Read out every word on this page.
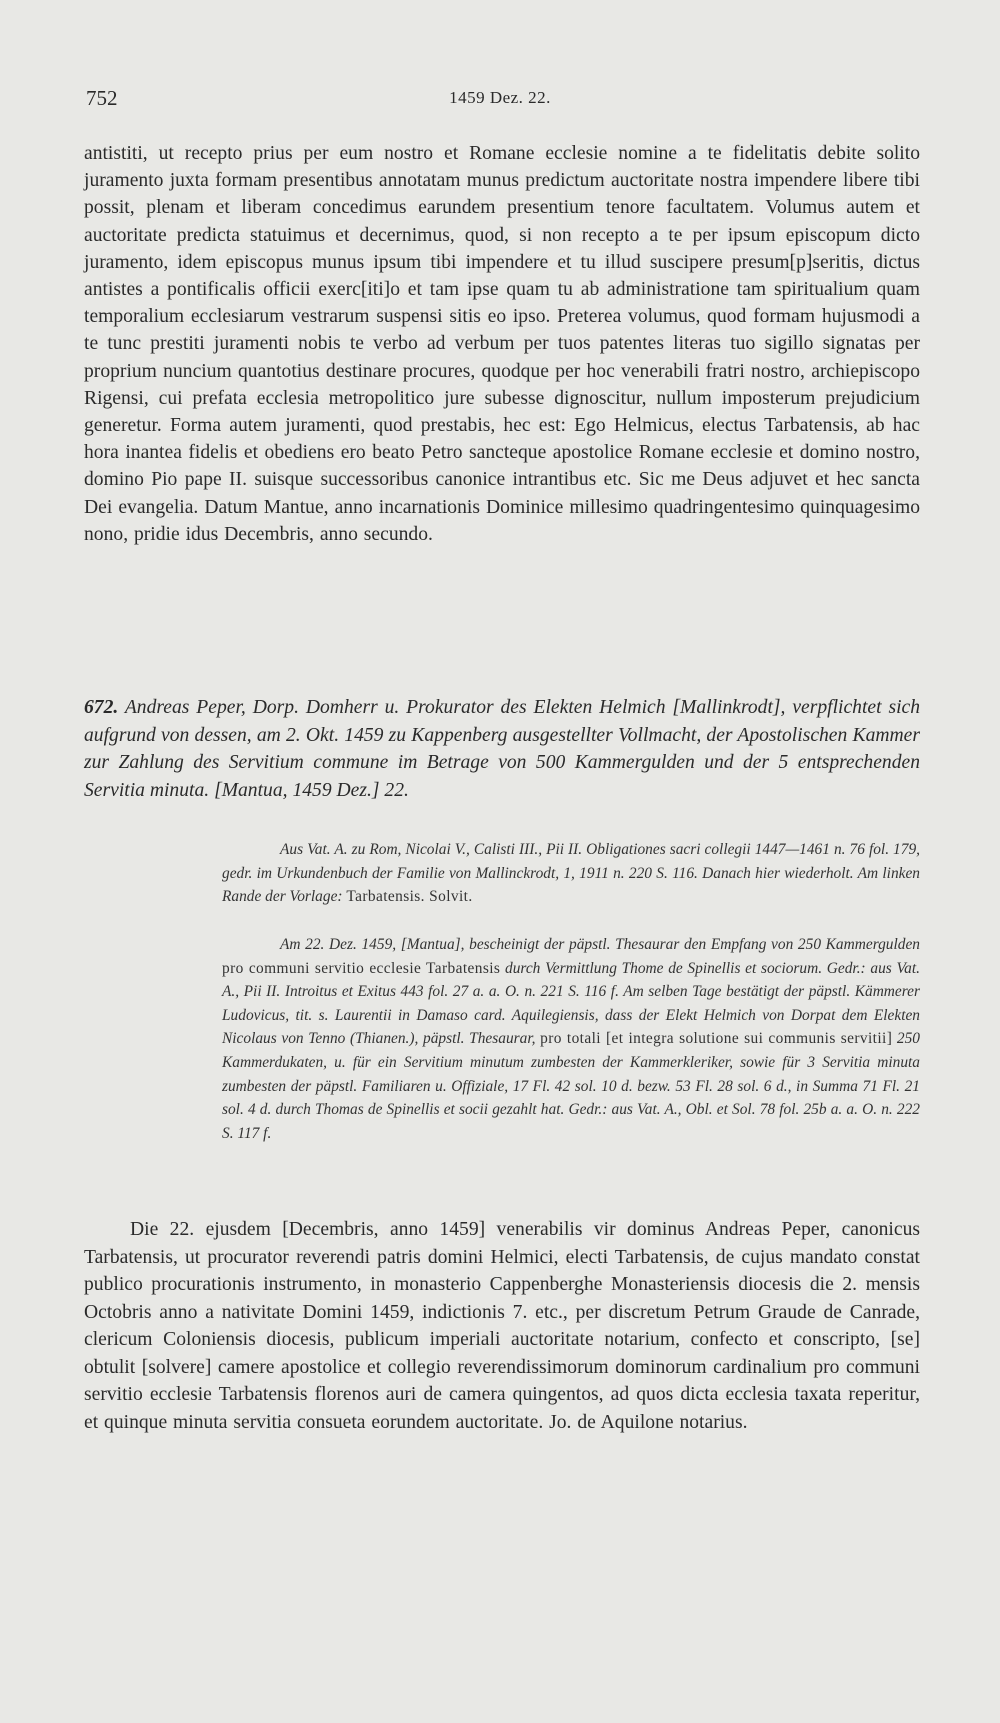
752	1459 Dez. 22.

antistiti, ut recepto prius per eum nostro et Romane ecclesie nomine a te fidelitatis debite solito juramento juxta formam presentibus annotatam munus predictum auctoritate nostra impendere libere tibi possit, plenam et liberam concedimus earundem presentium tenore facultatem. Volumus autem et auctoritate predicta statuimus et decernimus, quod, si non recepto a te per ipsum episcopum dicto juramento, idem episcopus munus ipsum tibi impendere et tu illud suscipere presum[p]seritis, dictus antistes a pontificalis officii exerc[iti]o et tam ipse quam tu ab administratione tam spiritualium quam temporalium ecclesiarum vestrarum suspensi sitis eo ipso. Preterea volumus, quod formam hujusmodi a te tunc prestiti juramenti nobis te verbo ad verbum per tuos patentes literas tuo sigillo signatas per proprium nuncium quantotius destinare procures, quodque per hoc venerabili fratri nostro, archiepiscopo Rigensi, cui prefata ecclesia metropolitico jure subesse dignoscitur, nullum imposterum prejudicium generetur. Forma autem juramenti, quod prestabis, hec est: Ego Helmicus, electus Tarbatensis, ab hac hora inantea fidelis et obediens ero beato Petro sancteque apostolice Romane ecclesie et domino nostro, domino Pio pape II. suisque successoribus canonice intrantibus etc. Sic me Deus adjuvet et hec sancta Dei evangelia. Datum Mantue, anno incarnationis Dominice millesimo quadringentesimo quinquagesimo nono, pridie idus Decembris, anno secundo.

672. Andreas Peper, Dorp. Domherr u. Prokurator des Elekten Helmich [Mallinkrodt], verpflichtet sich aufgrund von dessen, am 2. Okt. 1459 zu Kappenberg ausgestellter Vollmacht, der Apostolischen Kammer zur Zahlung des Servitium commune im Betrage von 500 Kammergulden und der 5 entsprechenden Servitia minuta. [Mantua, 1459 Dez.] 22.

Aus Vat. A. zu Rom, Nicolai V., Calisti III., Pii II. Obligationes sacri collegii 1447—1461 n. 76 fol. 179, gedr. im Urkundenbuch der Familie von Mallinckrodt, 1, 1911 n. 220 S. 116. Danach hier wiederholt. Am linken Rande der Vorlage: Tarbatensis. Solvit.

Am 22. Dez. 1459, [Mantua], bescheinigt der päpstl. Thesaurar den Empfang von 250 Kammergulden pro communi servitio ecclesie Tarbatensis durch Vermittlung Thome de Spinellis et sociorum. Gedr.: aus Vat. A., Pii II. Introitus et Exitus 443 fol. 27 a. a. O. n. 221 S. 116 f. Am selben Tage bestätigt der päpstl. Kämmerer Ludovicus, tit. s. Laurentii in Damaso card. Aquilegiensis, dass der Elekt Helmich von Dorpat dem Elekten Nicolaus von Tenno (Thianen.), päpstl. Thesaurar, pro totali [et integra solutione sui communis servitii] 250 Kammerdukaten, u. für ein Servitium minutum zumbesten der Kammerkleriker, sowie für 3 Servitia minuta zumbesten der päpstl. Familiaren u. Offiziale, 17 Fl. 42 sol. 10 d. bezw. 53 Fl. 28 sol. 6 d., in Summa 71 Fl. 21 sol. 4 d. durch Thomas de Spinellis et socii gezahlt hat. Gedr.: aus Vat. A., Obl. et Sol. 78 fol. 25b a. a. O. n. 222 S. 117 f.

Die 22. ejusdem [Decembris, anno 1459] venerabilis vir dominus Andreas Peper, canonicus Tarbatensis, ut procurator reverendi patris domini Helmici, electi Tarbatensis, de cujus mandato constat publico procurationis instrumento, in monasterio Cappenberghe Monasteriensis diocesis die 2. mensis Octobris anno a nativitate Domini 1459, indictionis 7. etc., per discretum Petrum Graude de Canrade, clericum Coloniensis diocesis, publicum imperiali auctoritate notarium, confecto et conscripto, [se] obtulit [solvere] camere apostolice et collegio reverendissimorum dominorum cardinalium pro communi servitio ecclesie Tarbatensis florenos auri de camera quingentos, ad quos dicta ecclesia taxata reperitur, et quinque minuta servitia consueta eorundem auctoritate. Jo. de Aquilone notarius.
